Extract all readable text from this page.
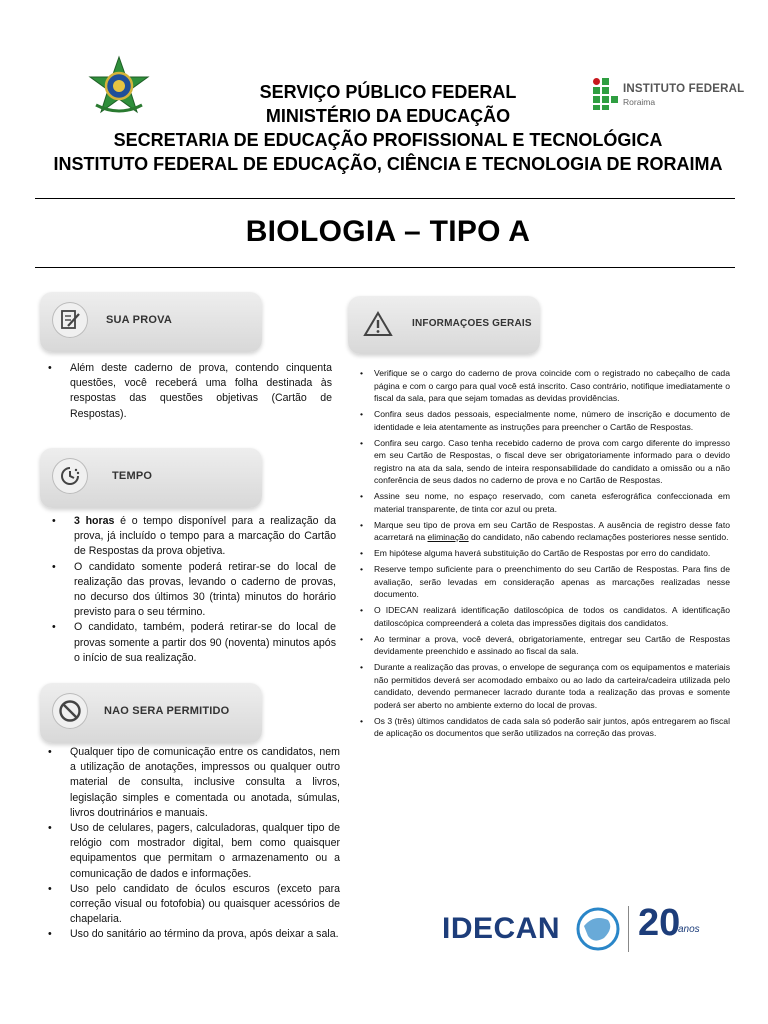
INSTITUTO FEDERAL
Roraima
SERVIÇO PÚBLICO FEDERAL
MINISTÉRIO DA EDUCAÇÃO
SECRETARIA DE EDUCAÇÃO PROFISSIONAL E TECNOLÓGICA
INSTITUTO FEDERAL DE EDUCAÇÃO, CIÊNCIA E TECNOLOGIA DE RORAIMA
BIOLOGIA – TIPO A
SUA PROVA
• Além deste caderno de prova, contendo cinquenta questões, você receberá uma folha destinada às respostas das questões objetivas (Cartão de Respostas).
TEMPO
• 3 horas é o tempo disponível para a realização da prova, já incluído o tempo para a marcação do Cartão de Respostas da prova objetiva.
• O candidato somente poderá retirar-se do local de realização das provas, levando o caderno de provas, no decurso dos últimos 30 (trinta) minutos do horário previsto para o seu término.
• O candidato, também, poderá retirar-se do local de provas somente a partir dos 90 (noventa) minutos após o início de sua realização.
NAO SERA PERMITIDO
• Qualquer tipo de comunicação entre os candidatos, nem a utilização de anotações, impressos ou qualquer outro material de consulta, inclusive consulta a livros, legislação simples e comentada ou anotada, súmulas, livros doutrinários e manuais.
• Uso de celulares, pagers, calculadoras, qualquer tipo de relógio com mostrador digital, bem como quaisquer equipamentos que permitam o armazenamento ou a comunicação de dados e informações.
• Uso pelo candidato de óculos escuros (exceto para correção visual ou fotofobia) ou quaisquer acessórios de chapelaria.
• Uso do sanitário ao término da prova, após deixar a sala.
INFORMAÇOES GERAIS
• Verifique se o cargo do caderno de prova coincide com o registrado no cabeçalho de cada página e com o cargo para qual você está inscrito. Caso contrário, notifique imediatamente o fiscal da sala, para que sejam tomadas as devidas providências.
• Confira seus dados pessoais, especialmente nome, número de inscrição e documento de identidade e leia atentamente as instruções para preencher o Cartão de Respostas.
• Confira seu cargo. Caso tenha recebido caderno de prova com cargo diferente do impresso em seu Cartão de Respostas, o fiscal deve ser obrigatoriamente informado para o devido registro na ata da sala, sendo de inteira responsabilidade do candidato a omissão ou a não conferência de seus dados no caderno de prova e no Cartão de Respostas.
• Assine seu nome, no espaço reservado, com caneta esferográfica confeccionada em material transparente, de tinta cor azul ou preta.
• Marque seu tipo de prova em seu Cartão de Respostas. A ausência de registro desse fato acarretará na eliminação do candidato, não cabendo reclamações posteriores nesse sentido.
• Em hipótese alguma haverá substituição do Cartão de Respostas por erro do candidato.
• Reserve tempo suficiente para o preenchimento do seu Cartão de Respostas. Para fins de avaliação, serão levadas em consideração apenas as marcações realizadas nesse documento.
• O IDECAN realizará identificação datiloscópica de todos os candidatos. A identificação datiloscópica compreenderá a coleta das impressões digitais dos candidatos.
• Ao terminar a prova, você deverá, obrigatoriamente, entregar seu Cartão de Respostas devidamente preenchido e assinado ao fiscal da sala.
• Durante a realização das provas, o envelope de segurança com os equipamentos e materiais não permitidos deverá ser acomodado embaixo ou ao lado da carteira/cadeira utilizada pelo candidato, devendo permanecer lacrado durante toda a realização das provas e somente poderá ser aberto no ambiente externo do local de provas.
• Os 3 (três) últimos candidatos de cada sala só poderão sair juntos, após entregarem ao fiscal de aplicação os documentos que serão utilizados na correção das provas.
IDECAN 20
anos
